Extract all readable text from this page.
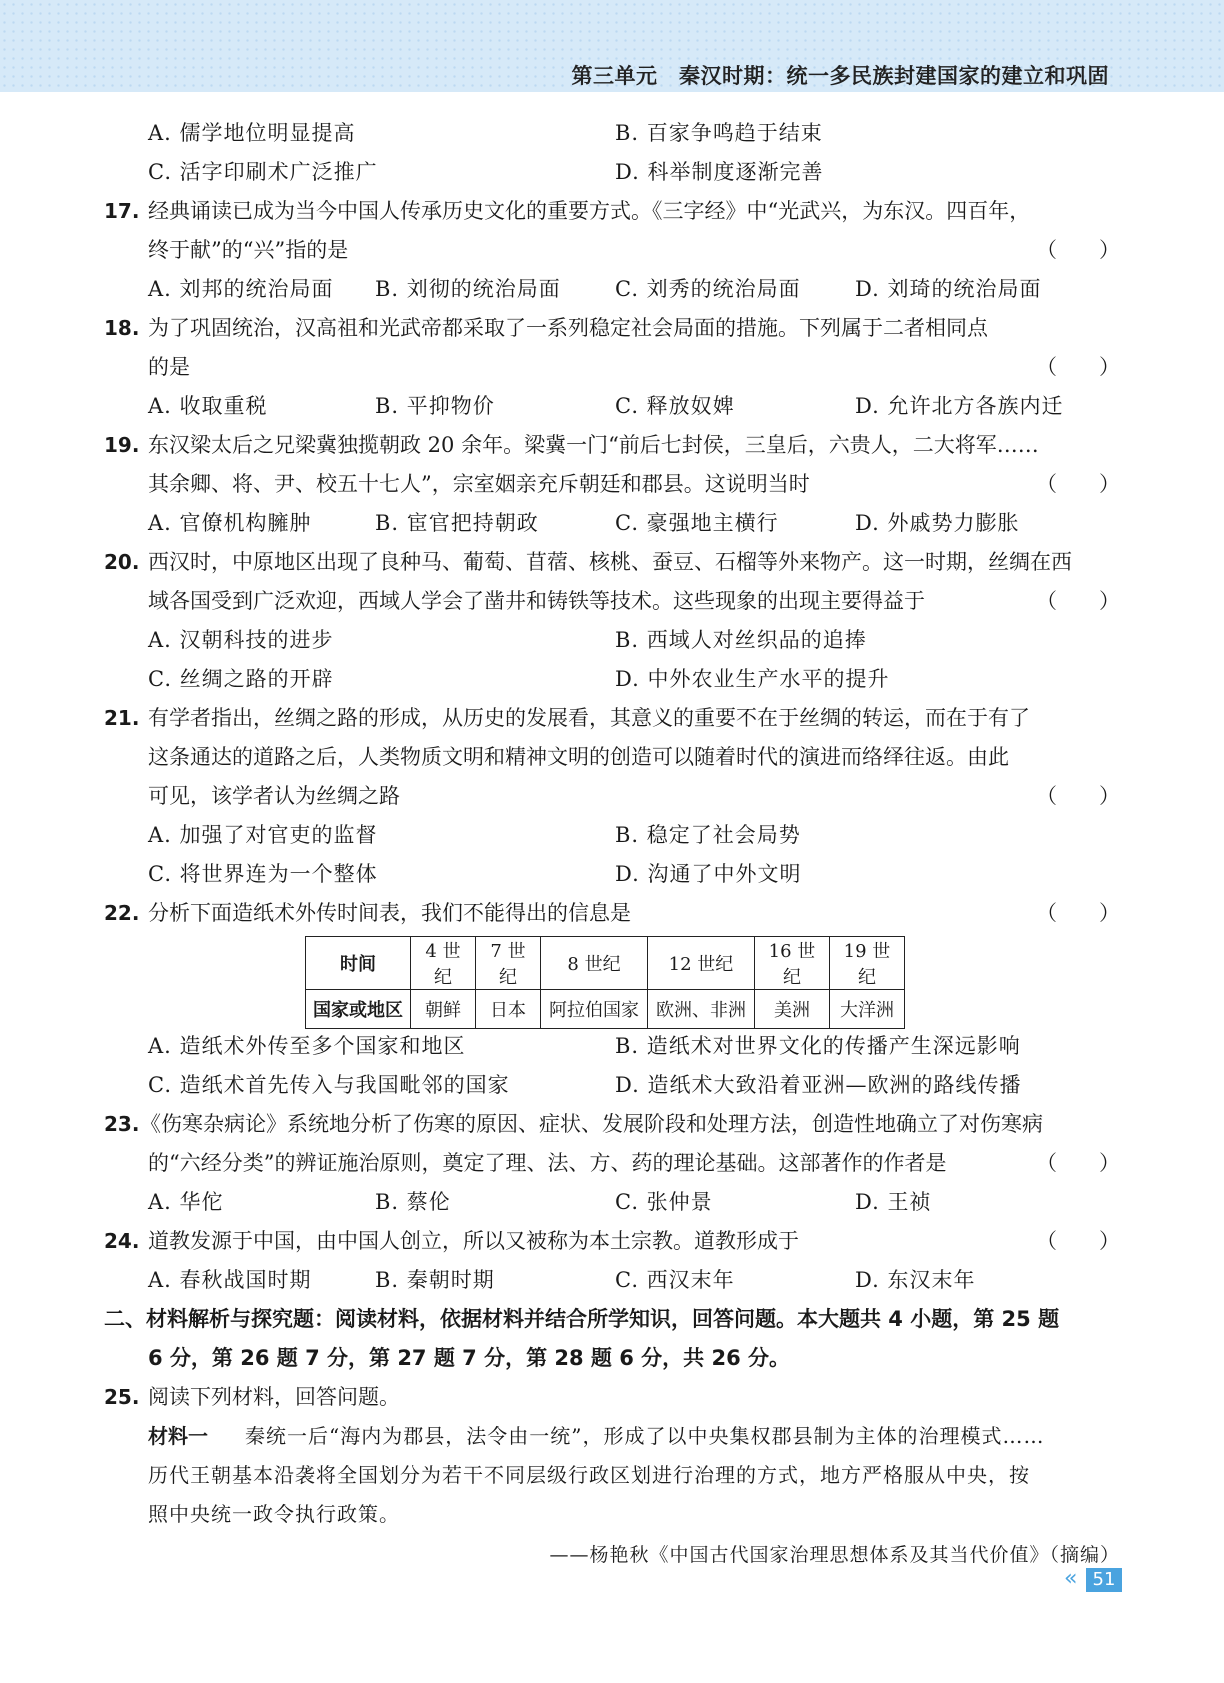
第三单元　秦汉时期：统一多民族封建国家的建立和巩固
A. 儒学地位明显提高	B. 百家争鸣趋于结束
C. 活字印刷术广泛推广	D. 科举制度逐渐完善
17. 经典诵读已成为当今中国人传承历史文化的重要方式。《三字经》中“光武兴，为东汉。四百年，
终于献”的“兴”指的是	（　　）
A. 刘邦的统治局面 B. 刘彻的统治局面	C. 刘秀的统治局面	D. 刘琦的统治局面
18. 为了巩固统治，汉高祖和光武帝都采取了一系列稳定社会局面的措施。下列属于二者相同点
的是	（　　）
A. 收取重税	B. 平抑物价	C. 释放奴婢	D. 允许北方各族内迁
19. 东汉梁太后之兄梁冀独揽朝政 20 余年。梁冀一门“前后七封侯，三皇后，六贵人，二大将军……
其余卿、将、尹、校五十七人”，宗室姻亲充斥朝廷和郡县。这说明当时	（　　）
A. 官僚机构臃肿	B. 宦官把持朝政	C. 豪强地主横行	D. 外戚势力膨胀
20. 西汉时，中原地区出现了良种马、葡萄、苜蓿、核桃、蚕豆、石榴等外来物产。这一时期，丝绸在西
域各国受到广泛欢迎，西域人学会了凿井和铸铁等技术。这些现象的出现主要得益于	（　　）
A. 汉朝科技的进步	B. 西域人对丝织品的追捧
C. 丝绸之路的开辟	D. 中外农业生产水平的提升
21. 有学者指出，丝绸之路的形成，从历史的发展看，其意义的重要不在于丝绸的转运，而在于有了
这条通达的道路之后，人类物质文明和精神文明的创造可以随着时代的演进而络绎往返。由此
可见，该学者认为丝绸之路	（　　）
A. 加强了对官吏的监督	B. 稳定了社会局势
C. 将世界连为一个整体	D. 沟通了中外文明
22. 分析下面造纸术外传时间表，我们不能得出的信息是	（　　）
时间	4 世纪	7 世纪	8 世纪	12 世纪	16 世纪	19 世纪
国家或地区	朝鲜	日本	阿拉伯国家	欧洲、非洲	美洲	大洋洲
A. 造纸术外传至多个国家和地区	B. 造纸术对世界文化的传播产生深远影响
C. 造纸术首先传入与我国毗邻的国家	D. 造纸术大致沿着亚洲—欧洲的路线传播
23. 《伤寒杂病论》系统地分析了伤寒的原因、症状、发展阶段和处理方法，创造性地确立了对伤寒病
的“六经分类”的辨证施治原则，奠定了理、法、方、药的理论基础。这部著作的作者是	（　　）
A. 华佗	B. 蔡伦	C. 张仲景	D. 王祯
24. 道教发源于中国，由中国人创立，所以又被称为本土宗教。道教形成于	（　　）
A. 春秋战国时期	B. 秦朝时期	C. 西汉末年	D. 东汉末年
二、材料解析与探究题：阅读材料，依据材料并结合所学知识，回答问题。本大题共 4 小题，第 25 题
6 分，第 26 题 7 分，第 27 题 7 分，第 28 题 6 分，共 26 分。
25. 阅读下列材料，回答问题。
材料一 秦统一后“海内为郡县，法令由一统”，形成了以中央集权郡县制为主体的治理模式……
历代王朝基本沿袭将全国划分为若干不同层级行政区划进行治理的方式，地方严格服从中央，按
照中央统一政令执行政策。
——杨艳秋《中国古代国家治理思想体系及其当代价值》（摘编）
« 51
